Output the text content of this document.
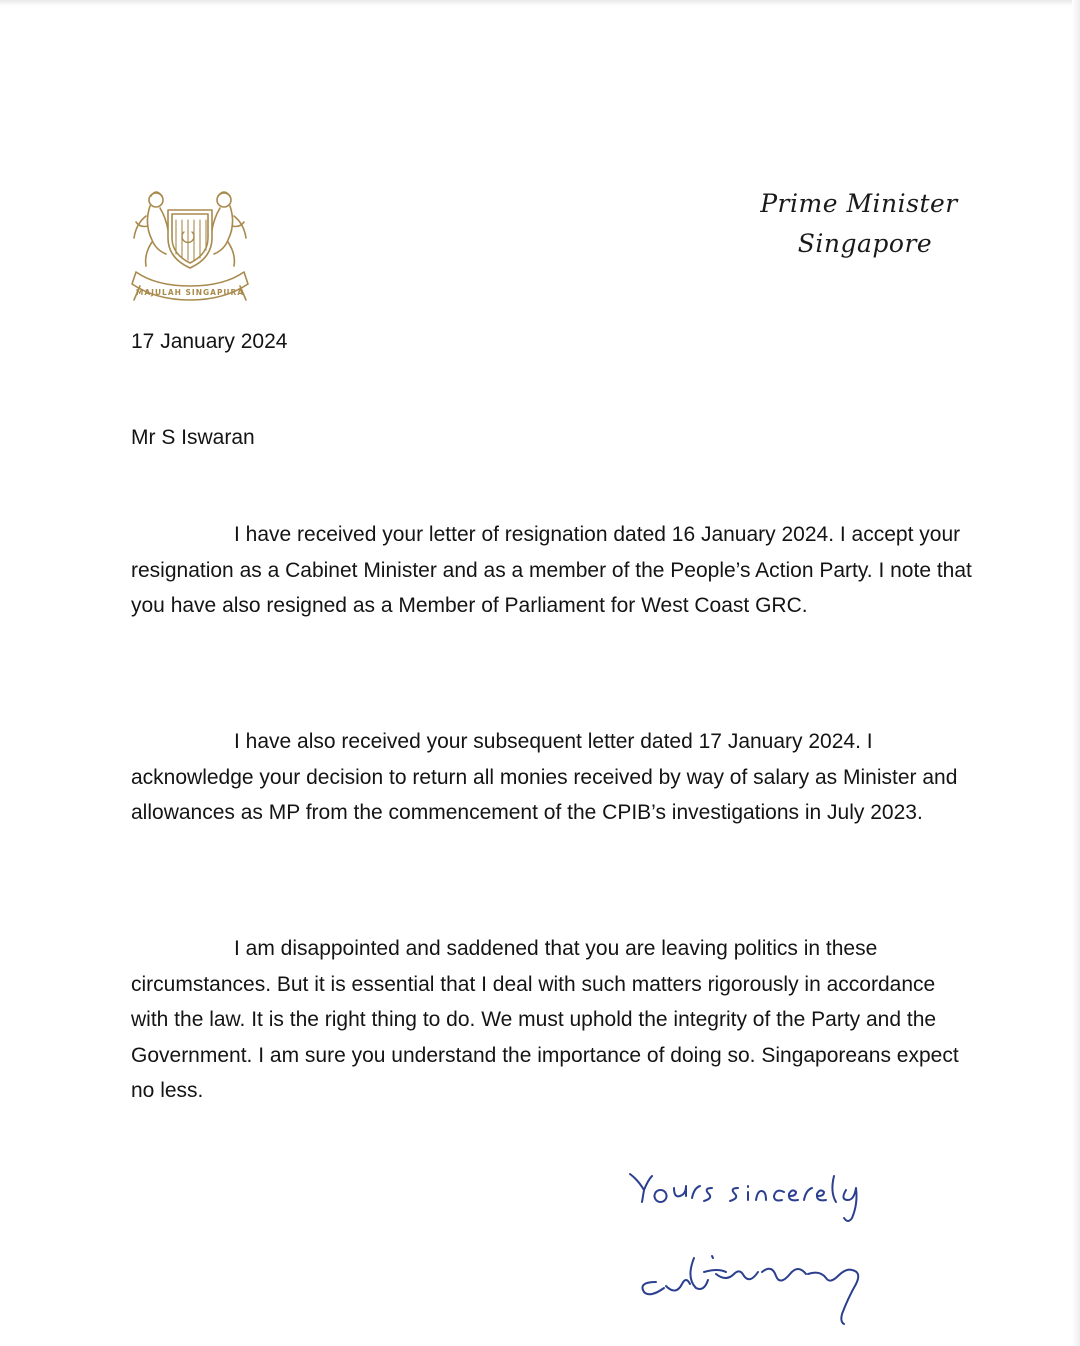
MAJULAH SINGAPURA
Prime Minister
Singapore
17 January 2024
Mr S Iswaran
I have received your letter of resignation dated 16 January 2024. I accept your resignation as a Cabinet Minister and as a member of the People’s Action Party. I note that you have also resigned as a Member of Parliament for West Coast GRC.
I have also received your subsequent letter dated 17 January 2024. I acknowledge your decision to return all monies received by way of salary as Minister and allowances as MP from the commencement of the CPIB’s investigations in July 2023.
I am disappointed and saddened that you are leaving politics in these circumstances. But it is essential that I deal with such matters rigorously in accordance with the law. It is the right thing to do. We must uphold the integrity of the Party and the Government. I am sure you understand the importance of doing so. Singaporeans expect no less.
